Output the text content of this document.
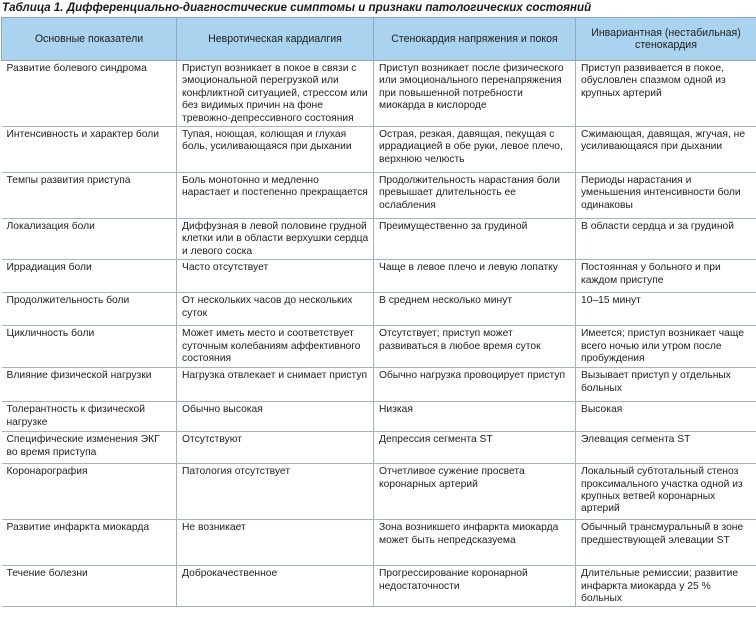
Таблица 1. Дифференциально-диагностические симптомы и признаки патологических состояний
Основные показатели	Невротическая кардиалгия	Стенокардия напряжения и покоя	Инвариантная (нестабильная) стенокардия
Развитие болевого синдрома	Приступ возникает в покое в связи с эмоциональной перегрузкой или конфликтной ситуацией, стрессом или без видимых причин на фоне тревожно-депрессивного состояния	Приступ возникает после физического или эмоционального перенапряжения при повышенной потребности миокарда в кислороде	Приступ развивается в покое, обусловлен спазмом одной из крупных артерий
Интенсивность и характер боли	Тупая, ноющая, колющая и глухая боль, усиливающаяся при дыхании	Острая, резкая, давящая, пекущая с иррадиацией в обе руки, левое плечо, верхнюю челюсть	Сжимающая, давящая, жгучая, не усиливающаяся при дыхании
Темпы развития приступа	Боль монотонно и медленно нарастает и постепенно прекращается	Продолжительность нарастания боли превышает длительность ее ослабления	Периоды нарастания и уменьшения интенсивности боли одинаковы
Локализация боли	Диффузная в левой половине грудной клетки или в области верхушки сердца и левого соска	Преимущественно за грудиной	В области сердца и за грудиной
Иррадиация боли	Часто отсутствует	Чаще в левое плечо и левую лопатку	Постоянная у больного и при каждом приступе
Продолжительность боли	От нескольких часов до нескольких суток	В среднем несколько минут	10–15 минут
Цикличность боли	Может иметь место и соответствует суточным колебаниям аффективного состояния	Отсутствует; приступ может развиваться в любое время суток	Имеется; приступ возникает чаще всего ночью или утром после пробуждения
Влияние физической нагрузки	Нагрузка отвлекает и снимает приступ	Обычно нагрузка провоцирует приступ	Вызывает приступ у отдельных больных
Толерантность к физической нагрузке	Обычно высокая	Низкая	Высокая
Специфические изменения ЭКГ во время приступа	Отсутствуют	Депрессия сегмента ST	Элевация сегмента ST
Коронарография	Патология отсутствует	Отчетливое сужение просвета коронарных артерий	Локальный субтотальный стеноз проксимального участка одной из крупных ветвей коронарных артерий
Развитие инфаркта миокарда	Не возникает	Зона возникшего инфаркта миокарда может быть непредсказуема	Обычный трансмуральный в зоне предшествующей элевации ST
Течение болезни	Доброкачественное	Прогрессирование коронарной недостаточности	Длительные ремиссии; развитие инфаркта миокарда у 25 % больных
